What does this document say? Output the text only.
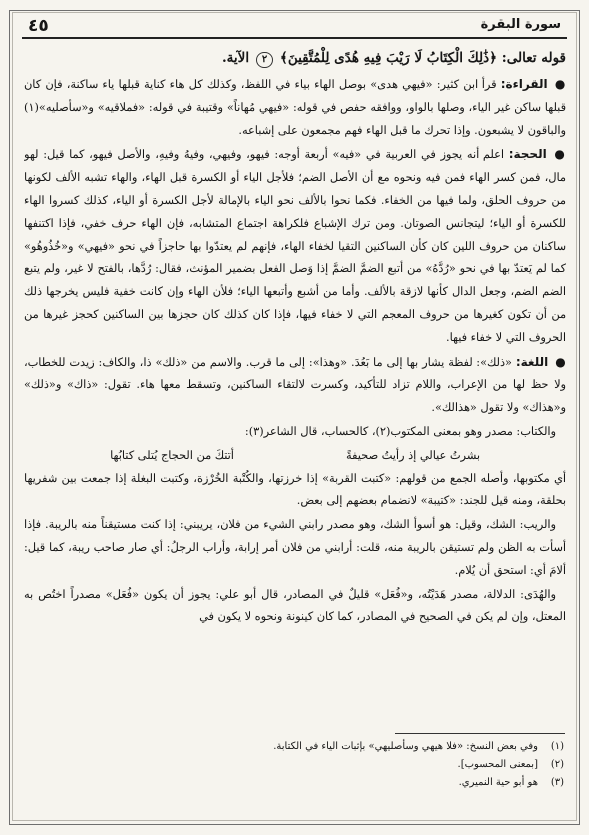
٤٥	سورة البقرة

قوله تعالى: ﴿ذَٰلِكَ الْكِتَابُ لَا رَيْبَ فِيهِ هُدًى لِلْمُتَّقِينَ﴾ ٢ الآية.

● القراءة: قرأ ابن كثير: «فيهي هدى» بوصل الهاء بياء في اللفظ، وكذلك كل هاء كناية قبلها ياء ساكنة، فإن كان قبلها ساكن غير الياء، وصلها بالواو، ووافقه حفص في قوله: «فيهي مُهاناً» وقتيبة في قوله: «فملاقيه» و«سأصليه»(١) والباقون لا يشبعون. وإذا تحرك ما قبل الهاء فهم مجمعون على إشباعه.

● الحجة: اعلم أنه يجوز في العربية في «فيه» أربعة أوجه: فيهو، وفيهي، وفيهُ وفيهِ، والأصل فيهو، كما قيل: لهو مال، فمن كسر الهاء فمن فيه ونحوه مع أن الأصل الضم؛ فلأجل الياء أو الكسرة قبل الهاء، والهاء تشبه الألف لكونها من حروف الحلق، ولما فيها من الخفاء. فكما نحوا بالألف نحو الياء بالإمالة لأجل الكسرة أو الياء، كذلك كسروا الهاء للكسرة أو الياء؛ ليتجانس الصوتان. ومن ترك الإشباع فلكراهة اجتماع المتشابه، فإن الهاء حرف خفي، فإذا اكتنفها ساكنان من حروف اللين كان كأن الساكنين التقيا لخفاء الهاء، فإنهم لم يعتدّوا بها حاجزاً في نحو «فيهي» و«خُذُوهُو» كما لم يَعتدّ بها في نحو «رُدَّهُ» من أتبع الضمَّ الضمَّ إذا وَصل الفعل بضمير المؤنث، فقال: رُدَّها، بالفتح لا غير، ولم يتبع الضم الضم، وجعل الدال كأنها لازقة بالألف. وأما من أشبع وأتبعها الياء؛ فلأن الهاء وإن كانت خفية فليس يخرجها ذلك من أن تكون كغيرها من حروف المعجم التي لا خفاء فيها، فإذا كان كذلك كان حجزها بين الساكنين كحجز غيرها من الحروف التي لا خفاء فيها.

● اللغة: «ذلك»: لفظة يشار بها إلى ما بَعُدَ. «وهذا»: إلى ما قرب. والاسم من «ذلك» ذا، والكاف: زيدت للخطاب، ولا حظ لها من الإعراب، واللام تزاد للتأكيد، وكسرت لالتقاء الساكنين، وتسقط معها هاء. تقول: «ذاك» و«ذلك» و«هذاك» ولا تقول «هذالك».

والكتاب: مصدر وهو بمعنى المكتوب(٢)، كالحساب، قال الشاعر(٣):

بشرتُ عيالي إذ رأيتُ صحيفةً
أتتكَ من الحجاج يُتلى كتابُها

أي مكتوبها، وأصله الجمع من قولهم: «كتبت القربة» إذا خرزتها، والكُتْبة الخُرْزة، وكتبت البغلة إذا جمعت بين شفريها بحلقة، ومنه قيل للجند: «كتيبة» لانضمام بعضهم إلى بعض.

والريب: الشك، وقيل: هو أسوأ الشك، وهو مصدر رابني الشيء من فلان، يريبني: إذا كنت مستيقناً منه بالريبة. فإذا أسأت به الظن ولم تستيقن بالريبة منه، قلت: أرابني من فلان أمر إرابة، وأراب الرجلُ: أي صار صاحب ريبة، كما قيل: ألامَ أي: استحق أن يُلام.

والهُدَى: الدلالة، مصدر هَدَيْتُه، و«فُعَل» قليلٌ في المصادر، قال أبو علي: يجوز أن يكون «فُعَل» مصدراً اختُص به المعتل، وإن لم يكن في الصحيح في المصادر، كما كان كينونة ونحوه لا يكون في

(١)
وفي بعض النسخ: «فلا هيهي وسأصليهي» بإثبات الياء في الكتابة.
(٢)
[بمعنى المحسوب].
(٣)
هو أبو حية النميري.
